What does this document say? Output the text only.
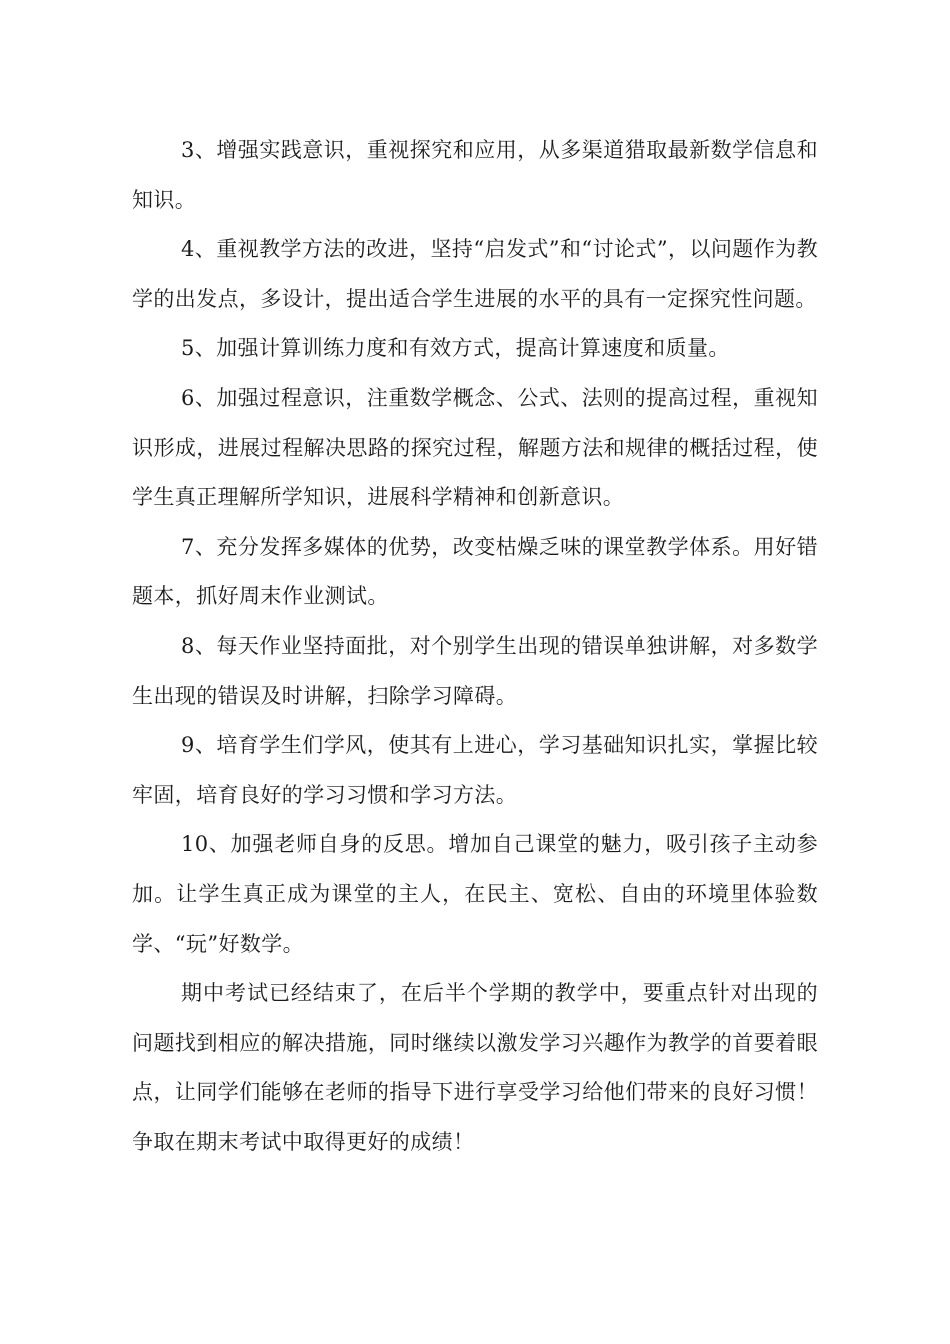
3、增强实践意识，重视探究和应用，从多渠道猎取最新数学信息和知识。

4、重视教学方法的改进，坚持“启发式”和“讨论式”，以问题作为教学的出发点，多设计，提出适合学生进展的水平的具有一定探究性问题。

5、加强计算训练力度和有效方式，提高计算速度和质量。

6、加强过程意识，注重数学概念、公式、法则的提高过程，重视知识形成，进展过程解决思路的探究过程，解题方法和规律的概括过程，使学生真正理解所学知识，进展科学精神和创新意识。

7、充分发挥多媒体的优势，改变枯燥乏味的课堂教学体系。用好错题本，抓好周末作业测试。

8、每天作业坚持面批，对个别学生出现的错误单独讲解，对多数学生出现的错误及时讲解，扫除学习障碍。

9、培育学生们学风，使其有上进心，学习基础知识扎实，掌握比较牢固，培育良好的学习习惯和学习方法。

10、加强老师自身的反思。增加自己课堂的魅力，吸引孩子主动参加。让学生真正成为课堂的主人，在民主、宽松、自由的环境里体验数学、“玩”好数学。

期中考试已经结束了，在后半个学期的教学中，要重点针对出现的问题找到相应的解决措施，同时继续以激发学习兴趣作为教学的首要着眼点，让同学们能够在老师的指导下进行享受学习给他们带来的良好习惯！争取在期末考试中取得更好的成绩！
